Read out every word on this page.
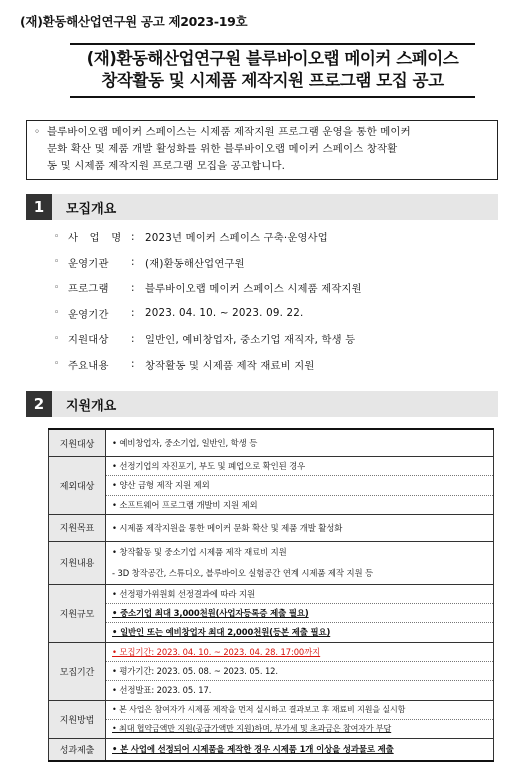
(재)환동해산업연구원 공고 제2023-19호
(재)환동해산업연구원 블루바이오랩 메이커 스페이스
창작활동 및 시제품 제작지원 프로그램 모집 공고
◦ 블루바이오랩 메이커 스페이스는 시제품 제작지원 프로그램 운영을 통한 메이커
문화 확산 및 제품 개발 활성화를 위한 블루바이오랩 메이커 스페이스 창작활
동 및 시제품 제작지원 프로그램 모집을 공고합니다.
1	모집개요
◦ 사 업 명 :	2023년 메이커 스페이스 구축·운영사업
◦ 운영기관	:	(재)환동해산업연구원
◦ 프로그램	:	블루바이오랩 메이커 스페이스 시제품 제작지원
◦ 운영기간	:	2023. 04. 10. ~ 2023. 09. 22.
◦ 지원대상	:	일반인, 예비창업자, 중소기업 재직자, 학생 등
◦ 주요내용	:	창작활동 및 시제품 제작 재료비 지원
2	지원개요
지원대상	• 예비창업자, 중소기업, 일반인, 학생 등

제외대상	• 선정기업의 자진포기, 부도 및 폐업으로 확인된 경우
• 양산 금형 제작 지원 제외
• 소프트웨어 프로그램 개발비 지원 제외

지원목표	• 시제품 제작지원을 통한 메이커 문화 확산 및 제품 개발 활성화

지원내용	• 창작활동 및 중소기업 시제품 제작 재료비 지원
- 3D 창작공간, 스튜디오, 블루바이오 실험공간 연계 시제품 제작 지원 등

지원규모	• 선정평가위원회 선정결과에 따라 지원
• 중소기업 최대 3,000천원(사업자등록증 제출 필요)
• 일반인 또는 예비창업자 최대 2,000천원(등본 제출 필요)

모집기간	• 모집기간: 2023. 04. 10. ~ 2023. 04. 28. 17:00까지
• 평가기간: 2023. 05. 08. ~ 2023. 05. 12.
• 선정발표: 2023. 05. 17.

지원방법	• 본 사업은 참여자가 시제품 제작을 먼저 실시하고 결과보고 후 재료비 지원을 실시함
• 최대 협약금액만 지원(공급가액만 지원)하며, 부가세 및 초과금은 참여자가 부담

성과제출	• 본 사업에 선정되어 시제품을 제작한 경우 시제품 1개 이상을 성과물로 제출
